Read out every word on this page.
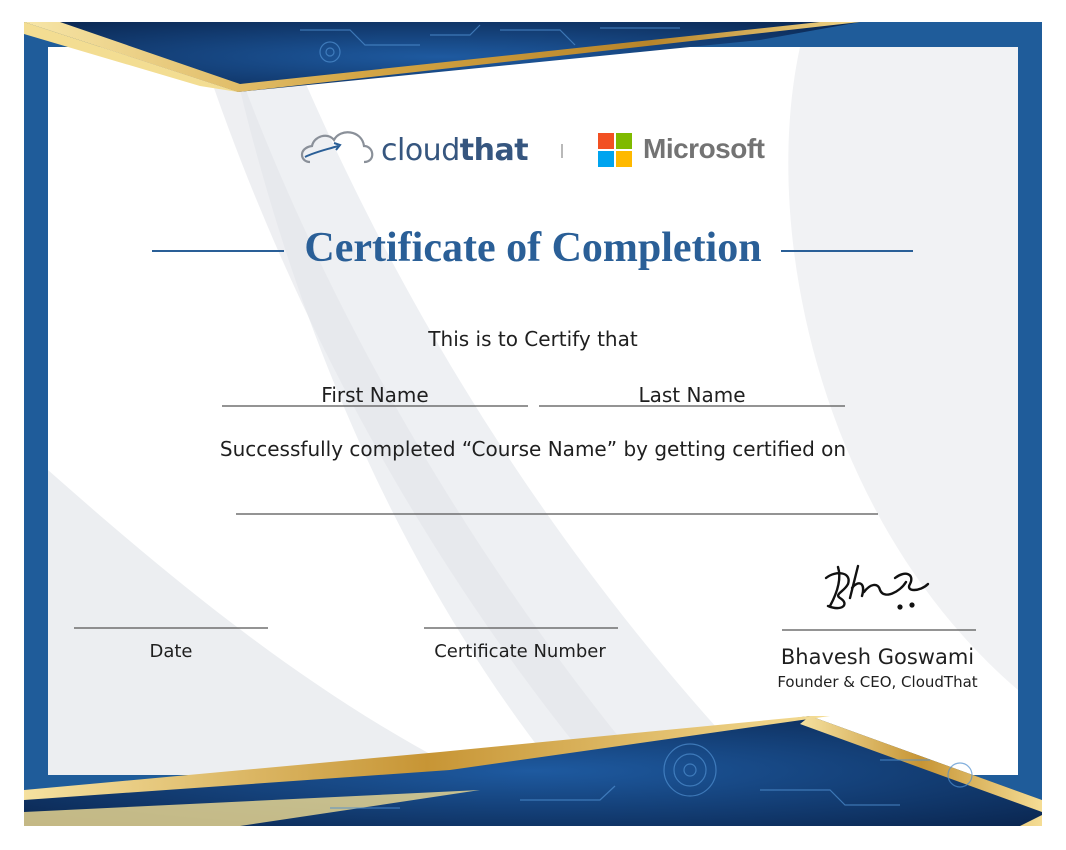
cloudthat	Microsoft
Certificate of Completion
This is to Certify that
First Name	Last Name
Successfully completed “Course Name” by getting certified on
Date	Certificate Number	Bhavesh Goswami
Founder & CEO, CloudThat
